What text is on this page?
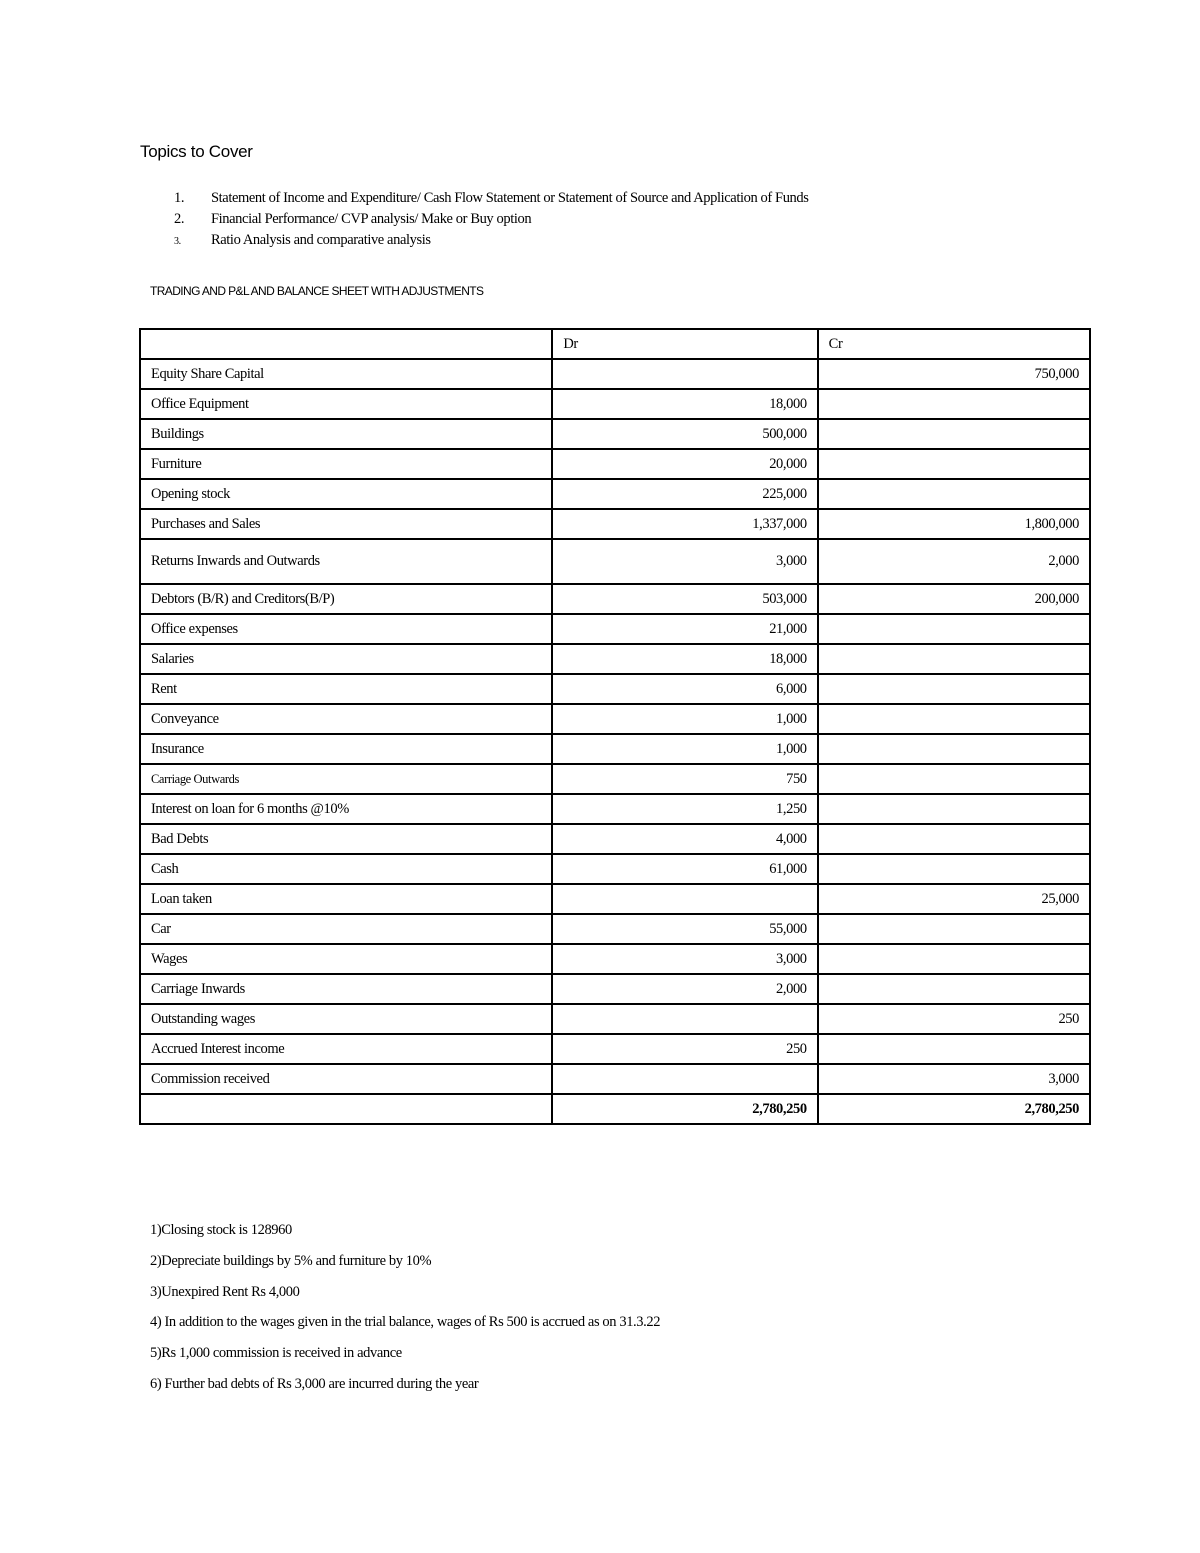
Topics to Cover
1. Statement of Income and Expenditure/ Cash Flow Statement or Statement of Source and Application of Funds
2. Financial Performance/ CVP analysis/ Make or Buy option
3. Ratio Analysis and comparative analysis
TRADING AND P&L AND BALANCE SHEET WITH ADJUSTMENTS
	Dr	Cr
Equity Share Capital		750,000
Office Equipment	18,000	
Buildings	500,000	
Furniture	20,000	
Opening stock	225,000	
Purchases and Sales	1,337,000	1,800,000
Returns Inwards and Outwards	3,000	2,000
Debtors (B/R) and Creditors(B/P)	503,000	200,000
Office expenses	21,000	
Salaries	18,000	
Rent	6,000	
Conveyance	1,000	
Insurance	1,000	
Carriage Outwards	750	
Interest on loan for 6 months @10%	1,250	
Bad Debts	4,000	
Cash	61,000	
Loan taken		25,000
Car	55,000	
Wages	3,000	
Carriage Inwards	2,000	
Outstanding wages		250
Accrued Interest income	250	
Commission received		3,000
	2,780,250	2,780,250
1)Closing stock is 128960
2)Depreciate buildings by 5% and furniture by 10%
3)Unexpired Rent Rs 4,000
4) In addition to the wages given in the trial balance, wages of Rs 500 is accrued as on 31.3.22
5)Rs 1,000 commission is received in advance
6) Further bad debts of Rs 3,000 are incurred during the year
